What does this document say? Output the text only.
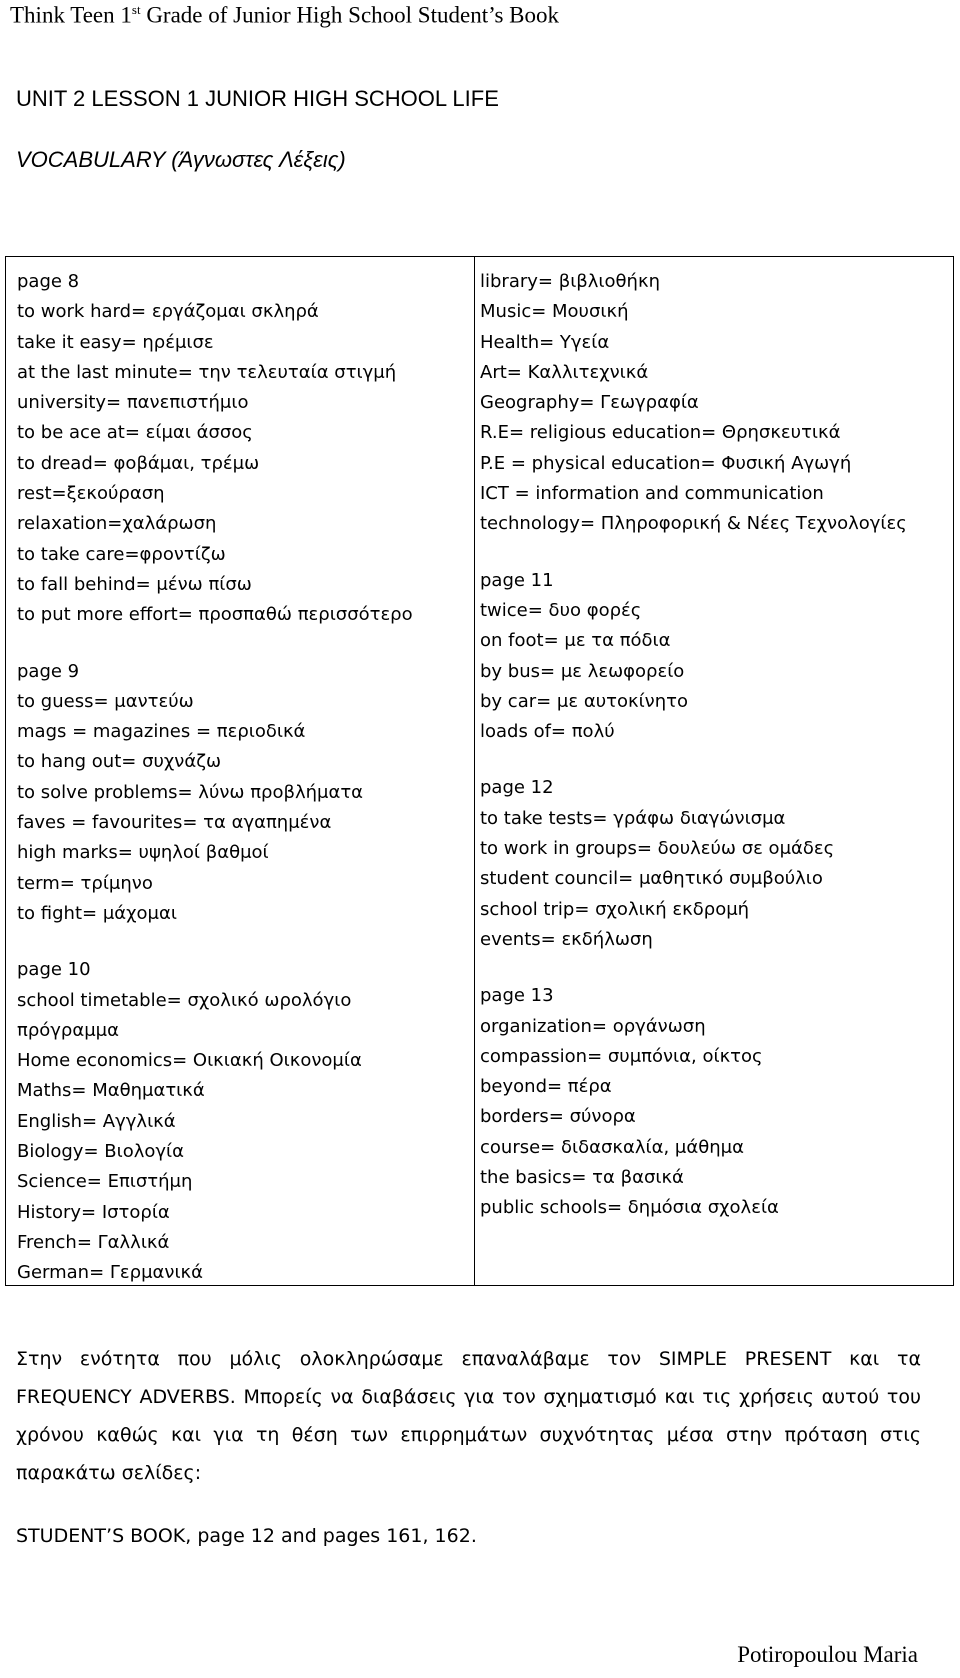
Think Teen 1st Grade of Junior High School Student’s Book
UNIT 2 LESSON 1 JUNIOR HIGH SCHOOL LIFE
VOCABULARY (Άγνωστες Λέξεις)
page 8
to work hard= εργάζομαι σκληρά
take it easy= ηρέμισε
at the last minute= την τελευταία στιγμή
university= πανεπιστήμιο
to be ace at= είμαι άσσος
to dread= φοβάμαι, τρέμω
rest=ξεκούραση
relaxation=χαλάρωση
to take care=φροντίζω
to fall behind= μένω πίσω
to put more effort= προσπαθώ περισσότερο
page 9
to guess= μαντεύω
mags = magazines = περιοδικά
to hang out= συχνάζω
to solve problems= λύνω προβλήματα
faves = favourites= τα αγαπημένα
high marks= υψηλοί βαθμοί
term= τρίμηνο
to fight= μάχομαι
page 10
school timetable= σχολικό ωρολόγιο
πρόγραμμα
Home economics= Οικιακή Οικονομία
Maths= Μαθηματικά
English= Αγγλικά
Biology= Βιολογία
Science= Επιστήμη
History= Ιστορία
French= Γαλλικά
German= Γερμανικά
library= βιβλιοθήκη
Music= Μουσική
Health= Υγεία
Art= Καλλιτεχνικά
Geography= Γεωγραφία
R.E= religious education= Θρησκευτικά
P.E = physical education= Φυσική Αγωγή
ICT = information and communication
technology= Πληροφορική & Νέες Τεχνολογίες
page 11
twice= δυο φορές
on foot= με τα πόδια
by bus= με λεωφορείο
by car= με αυτοκίνητο
loads of= πολύ
page 12
to take tests= γράφω διαγώνισμα
to work in groups= δουλεύω σε ομάδες
student council= μαθητικό συμβούλιο
school trip= σχολική εκδρομή
events= εκδήλωση
page 13
organization= οργάνωση
compassion= συμπόνια, οίκτος
beyond= πέρα
borders= σύνορα
course= διδασκαλία, μάθημα
the basics= τα βασικά
public schools= δημόσια σχολεία
Στην ενότητα που μόλις ολοκληρώσαμε επαναλάβαμε τον SIMPLE PRESENT και τα FREQUENCY ADVERBS. Μπορείς να διαβάσεις για τον σχηματισμό και τις χρήσεις αυτού του χρόνου καθώς και για τη θέση των επιρρημάτων συχνότητας μέσα στην πρόταση στις παρακάτω σελίδες:
STUDENT’S BOOK, page 12 and pages 161, 162.
Potiropoulou Maria
